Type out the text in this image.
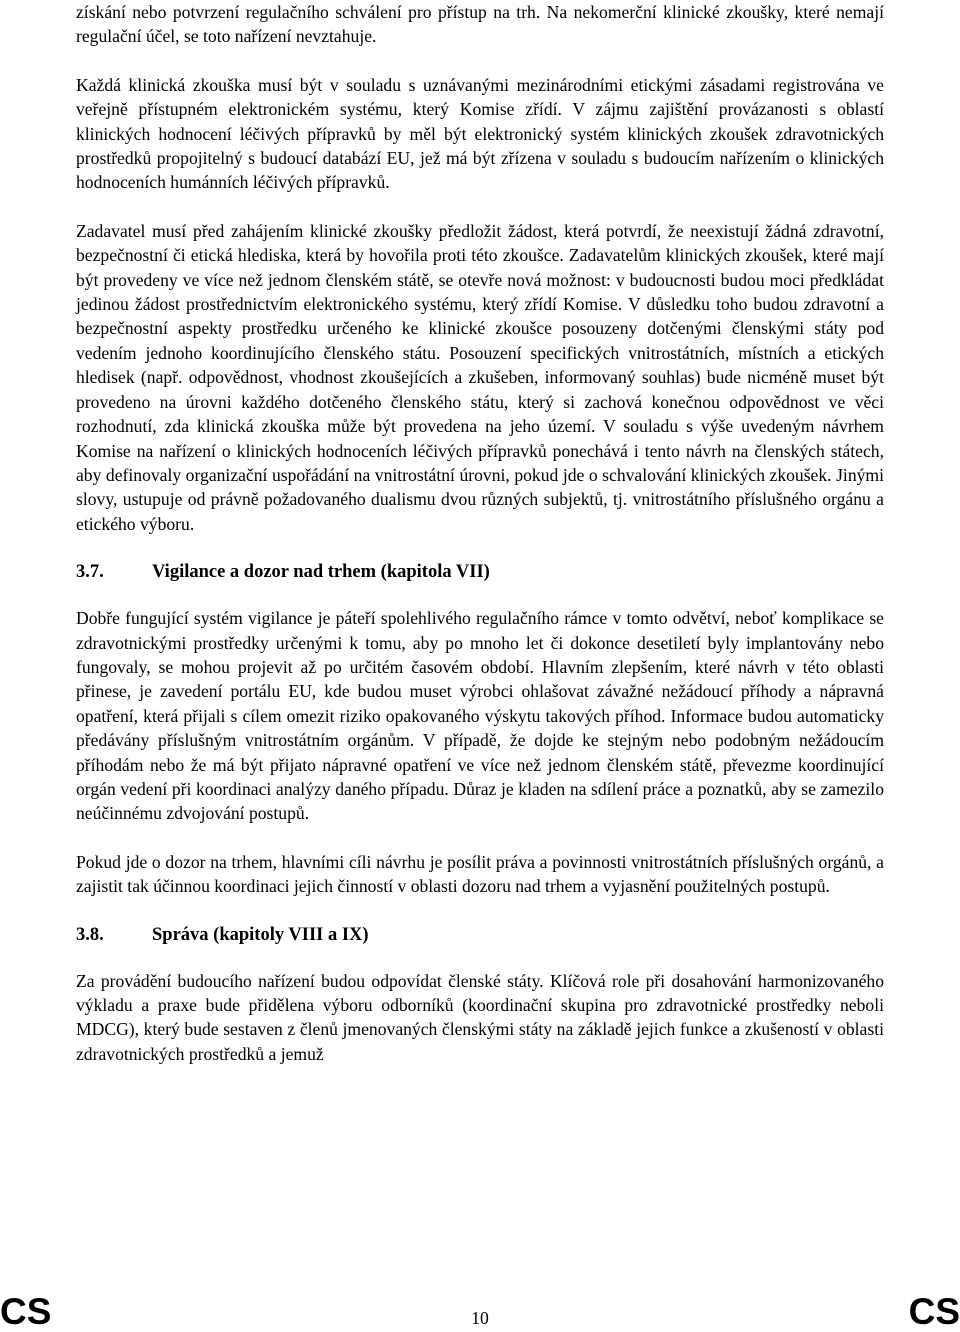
získání nebo potvrzení regulačního schválení pro přístup na trh. Na nekomerční klinické zkoušky, které nemají regulační účel, se toto nařízení nevztahuje.

Každá klinická zkouška musí být v souladu s uznávanými mezinárodními etickými zásadami registrována ve veřejně přístupném elektronickém systému, který Komise zřídí. V zájmu zajištění provázanosti s oblastí klinických hodnocení léčivých přípravků by měl být elektronický systém klinických zkoušek zdravotnických prostředků propojitelný s budoucí databází EU, jež má být zřízena v souladu s budoucím nařízením o klinických hodnoceních humánních léčivých přípravků.

Zadavatel musí před zahájením klinické zkoušky předložit žádost, která potvrdí, že neexistují žádná zdravotní, bezpečnostní či etická hlediska, která by hovořila proti této zkoušce. Zadavatelům klinických zkoušek, které mají být provedeny ve více než jednom členském státě, se otevře nová možnost: v budoucnosti budou moci předkládat jedinou žádost prostřednictvím elektronického systému, který zřídí Komise. V důsledku toho budou zdravotní a bezpečnostní aspekty prostředku určeného ke klinické zkoušce posouzeny dotčenými členskými státy pod vedením jednoho koordinujícího členského státu. Posouzení specifických vnitrostátních, místních a etických hledisek (např. odpovědnost, vhodnost zkoušejících a zkušeben, informovaný souhlas) bude nicméně muset být provedeno na úrovni každého dotčeného členského státu, který si zachová konečnou odpovědnost ve věci rozhodnutí, zda klinická zkouška může být provedena na jeho území. V souladu s výše uvedeným návrhem Komise na nařízení o klinických hodnoceních léčivých přípravků ponechává i tento návrh na členských státech, aby definovaly organizační uspořádání na vnitrostátní úrovni, pokud jde o schvalování klinických zkoušek. Jinými slovy, ustupuje od právně požadovaného dualismu dvou různých subjektů, tj. vnitrostátního příslušného orgánu a etického výboru.

3.7.	Vigilance a dozor nad trhem (kapitola VII)

Dobře fungující systém vigilance je páteří spolehlivého regulačního rámce v tomto odvětví, neboť komplikace se zdravotnickými prostředky určenými k tomu, aby po mnoho let či dokonce desetiletí byly implantovány nebo fungovaly, se mohou projevit až po určitém časovém období. Hlavním zlepšením, které návrh v této oblasti přinese, je zavedení portálu EU, kde budou muset výrobci ohlašovat závažné nežádoucí příhody a nápravná opatření, která přijali s cílem omezit riziko opakovaného výskytu takových příhod. Informace budou automaticky předávány příslušným vnitrostátním orgánům. V případě, že dojde ke stejným nebo podobným nežádoucím příhodám nebo že má být přijato nápravné opatření ve více než jednom členském státě, převezme koordinující orgán vedení při koordinaci analýzy daného případu. Důraz je kladen na sdílení práce a poznatků, aby se zamezilo neúčinnému zdvojování postupů.

Pokud jde o dozor na trhem, hlavními cíli návrhu je posílit práva a povinnosti vnitrostátních příslušných orgánů, a zajistit tak účinnou koordinaci jejich činností v oblasti dozoru nad trhem a vyjasnění použitelných postupů.

3.8.	Správa (kapitoly VIII a IX)

Za provádění budoucího nařízení budou odpovídat členské státy. Klíčová role při dosahování harmonizovaného výkladu a praxe bude přidělena výboru odborníků (koordinační skupina pro zdravotnické prostředky neboli MDCG), který bude sestaven z členů jmenovaných členskými státy na základě jejich funkce a zkušeností v oblasti zdravotnických prostředků a jemuž

CS	10	CS
